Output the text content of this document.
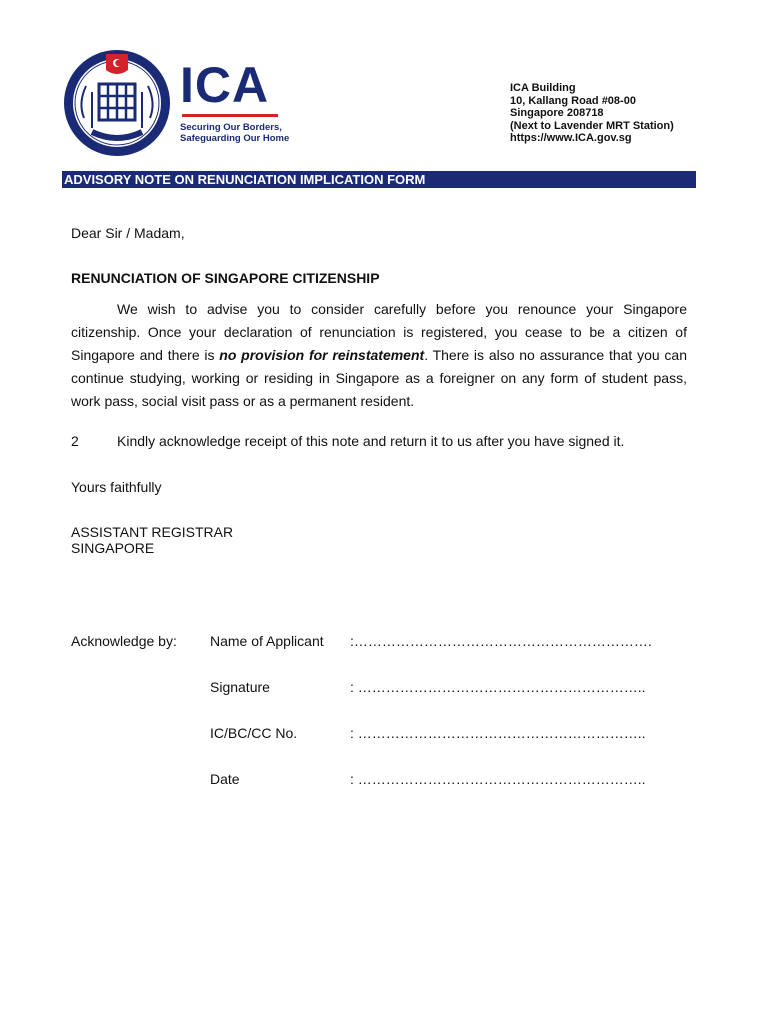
ICA
Securing Our Borders,
Safeguarding Our Home
ICA Building
10, Kallang Road #08-00
Singapore 208718
(Next to Lavender MRT Station)
https://www.ICA.gov.sg
ADVISORY NOTE ON RENUNCIATION IMPLICATION FORM
Dear Sir / Madam,
RENUNCIATION OF SINGAPORE CITIZENSHIP
We wish to advise you to consider carefully before you renounce your Singapore citizenship. Once your declaration of renunciation is registered, you cease to be a citizen of Singapore and there is no provision for reinstatement. There is also no assurance that you can continue studying, working or residing in Singapore as a foreigner on any form of student pass, work pass, social visit pass or as a permanent resident.
2	Kindly acknowledge receipt of this note and return it to us after you have signed it.
Yours faithfully
ASSISTANT REGISTRAR
SINGAPORE
Acknowledge by: Name of Applicant :……………………………………………………….
Signature	: ……………………………………………………..
IC/BC/CC No.	: ……………………………………………………..
Date	: ……………………………………………………..
